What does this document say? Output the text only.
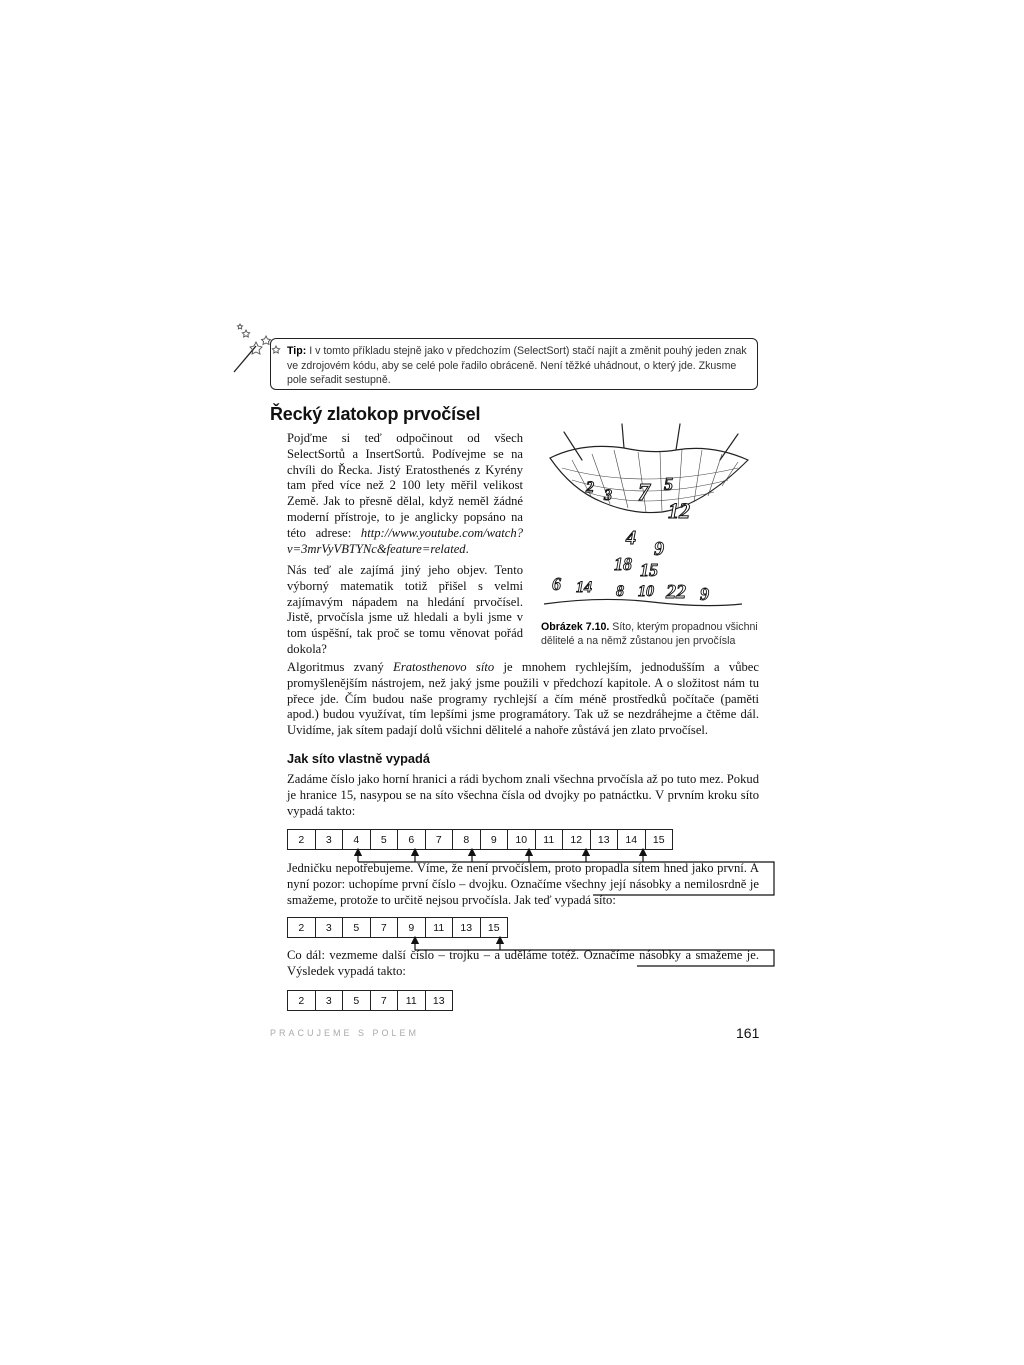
Tip: I v tomto příkladu stejně jako v předchozím (SelectSort) stačí najít a změnit pouhý jeden znak ve zdrojovém kódu, aby se celé pole řadilo obráceně. Není těžké uhádnout, o který jde. Zkusme pole seřadit sestupně.
Řecký zlatokop prvočísel

Pojďme si teď odpočinout od všech SelectSortů a InsertSortů. Podívejme se na chvíli do Řecka. Jistý Eratosthenés z Kyrény tam před více než 2 100 lety měřil velikost Země. Jak to přesně dělal, když neměl žádné moderní přístroje, to je anglicky popsáno na této adrese: http://www.youtube.com/watch?v=3mrVyVBTYNc&feature=related.

Nás teď ale zajímá jiný jeho objev. Tento výborný matematik totiž přišel s velmi zajímavým nápadem na hledání prvočísel. Jistě, prvočísla jsme už hledali a byli jsme v tom úspěšní, tak proč se tomu věnovat pořád dokola?

2 3 7 5
12
4 9
18 15
6 14 8 10 22 9
Obrázek 7.10. Síto, kterým propadnou všichni dělitelé a na němž zůstanou jen prvočísla

Algoritmus zvaný Eratosthenovo síto je mnohem rychlejším, jednodušším a vůbec promyšlenějším nástrojem, než jaký jsme použili v předchozí kapitole. A o složitost nám tu přece jde. Čím budou naše programy rychlejší a čím méně prostředků počítače (paměti apod.) budou využívat, tím lepšími jsme programátory. Tak už se nezdráhejme a čtěme dál. Uvidíme, jak sítem padají dolů všichni dělitelé a nahoře zůstává jen zlato prvočísel.

Jak síto vlastně vypadá

Zadáme číslo jako horní hranici a rádi bychom znali všechna prvočísla až po tuto mez. Pokud je hranice 15, nasypou se na síto všechna čísla od dvojky po patnáctku. V prvním kroku síto vypadá takto:

2	3	4	5	6	7	8	9	10	11	12	13	14	15

Jedničku nepotřebujeme. Víme, že není prvočíslem, proto propadla sítem hned jako první. A nyní pozor: uchopíme první číslo – dvojku. Označíme všechny její násobky a nemilosrdně je smažeme, protože to určitě nejsou prvočísla. Jak teď vypadá síto:

2	3	5	7	9	11	13	15

Co dál: vezmeme další číslo – trojku – a uděláme totéž. Označíme násobky a smažeme je. Výsledek vypadá takto:

2	3	5	7	11	13
PRACUJEME S POLEM	161
